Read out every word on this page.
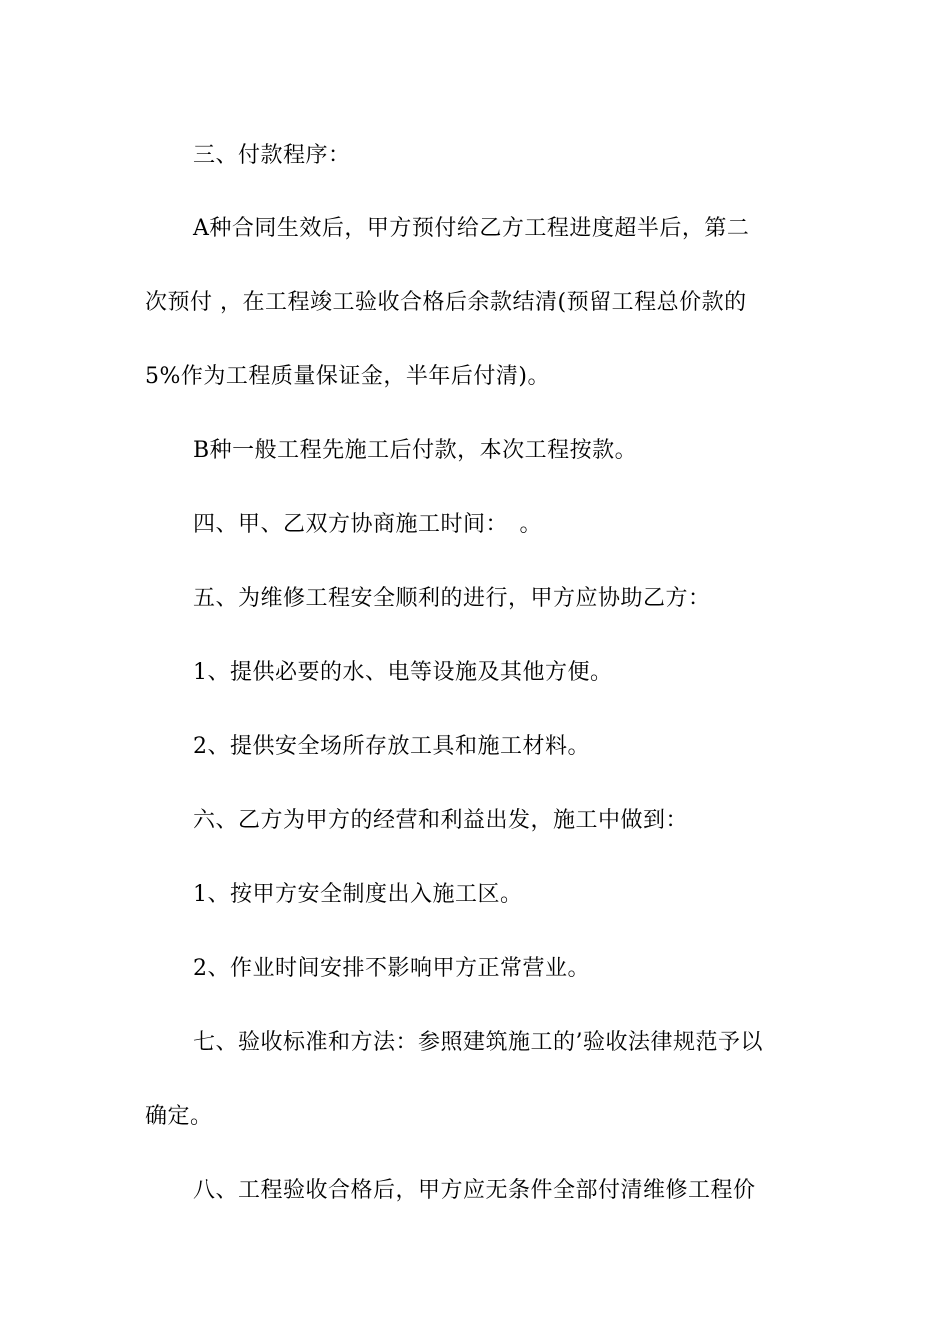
三、付款程序：
A种合同生效后，甲方预付给乙方工程进度超半后，第二
次预付 ，在工程竣工验收合格后余款结清(预留工程总价款的
5%作为工程质量保证金，半年后付清)。
B种一般工程先施工后付款，本次工程按款。
四、甲、乙双方协商施工时间：　。
五、为维修工程安全顺利的进行，甲方应协助乙方：
1、提供必要的水、电等设施及其他方便。
2、提供安全场所存放工具和施工材料。
六、乙方为甲方的经营和利益出发，施工中做到：
1、按甲方安全制度出入施工区。
2、作业时间安排不影响甲方正常营业。
七、验收标准和方法：参照建筑施工的’验收法律规范予以
确定。
八、工程验收合格后，甲方应无条件全部付清维修工程价
